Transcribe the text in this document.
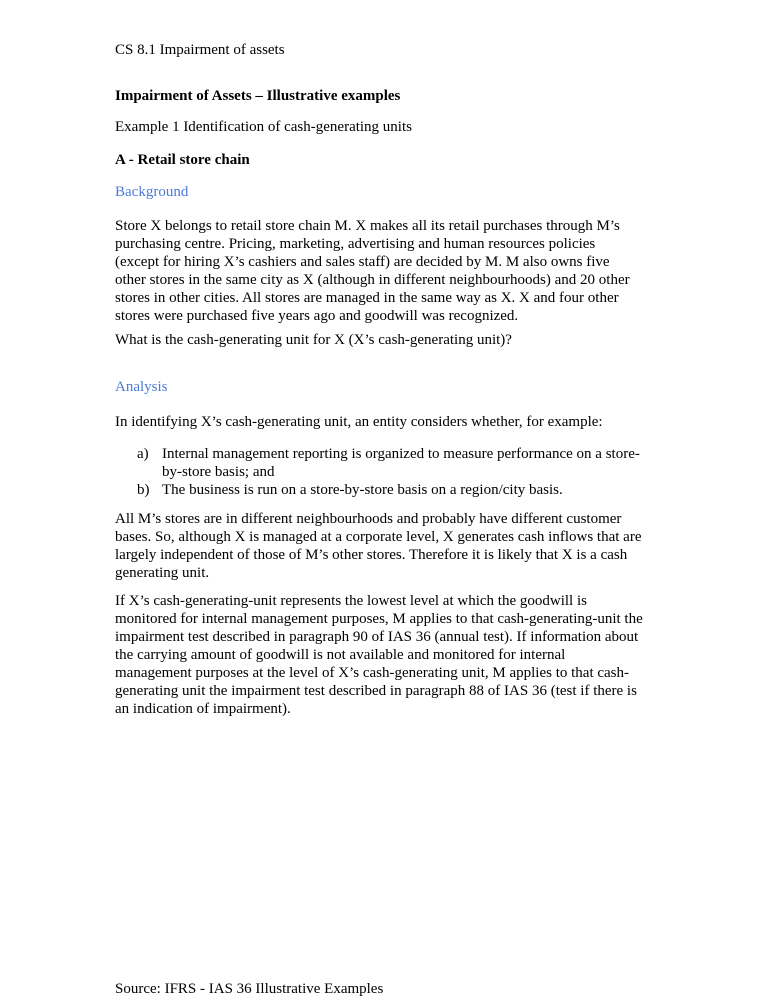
CS 8.1 Impairment of assets
Impairment of Assets – Illustrative examples
Example 1 Identification of cash-generating units
A - Retail store chain
Background

Store X belongs to retail store chain M. X makes all its retail purchases through M’s purchasing centre. Pricing, marketing, advertising and human resources policies (except for hiring X’s cashiers and sales staff) are decided by M. M also owns five other stores in the same city as X (although in different neighbourhoods) and 20 other stores in other cities. All stores are managed in the same way as X. X and four other stores were purchased five years ago and goodwill was recognized.

What is the cash-generating unit for X (X’s cash-generating unit)?

Analysis

In identifying X’s cash-generating unit, an entity considers whether, for example:

a) Internal management reporting is organized to measure performance on a store-by-store basis; and
b) The business is run on a store-by-store basis on a region/city basis.

All M’s stores are in different neighbourhoods and probably have different customer bases. So, although X is managed at a corporate level, X generates cash inflows that are largely independent of those of M’s other stores. Therefore it is likely that X is a cash generating unit.

If X’s cash-generating-unit represents the lowest level at which the goodwill is monitored for internal management purposes, M applies to that cash-generating-unit the impairment test described in paragraph 90 of IAS 36 (annual test). If information about the carrying amount of goodwill is not available and monitored for internal management purposes at the level of X’s cash-generating unit, M applies to that cash-generating unit the impairment test described in paragraph 88 of IAS 36 (test if there is an indication of impairment).

Source: IFRS - IAS 36 Illustrative Examples
